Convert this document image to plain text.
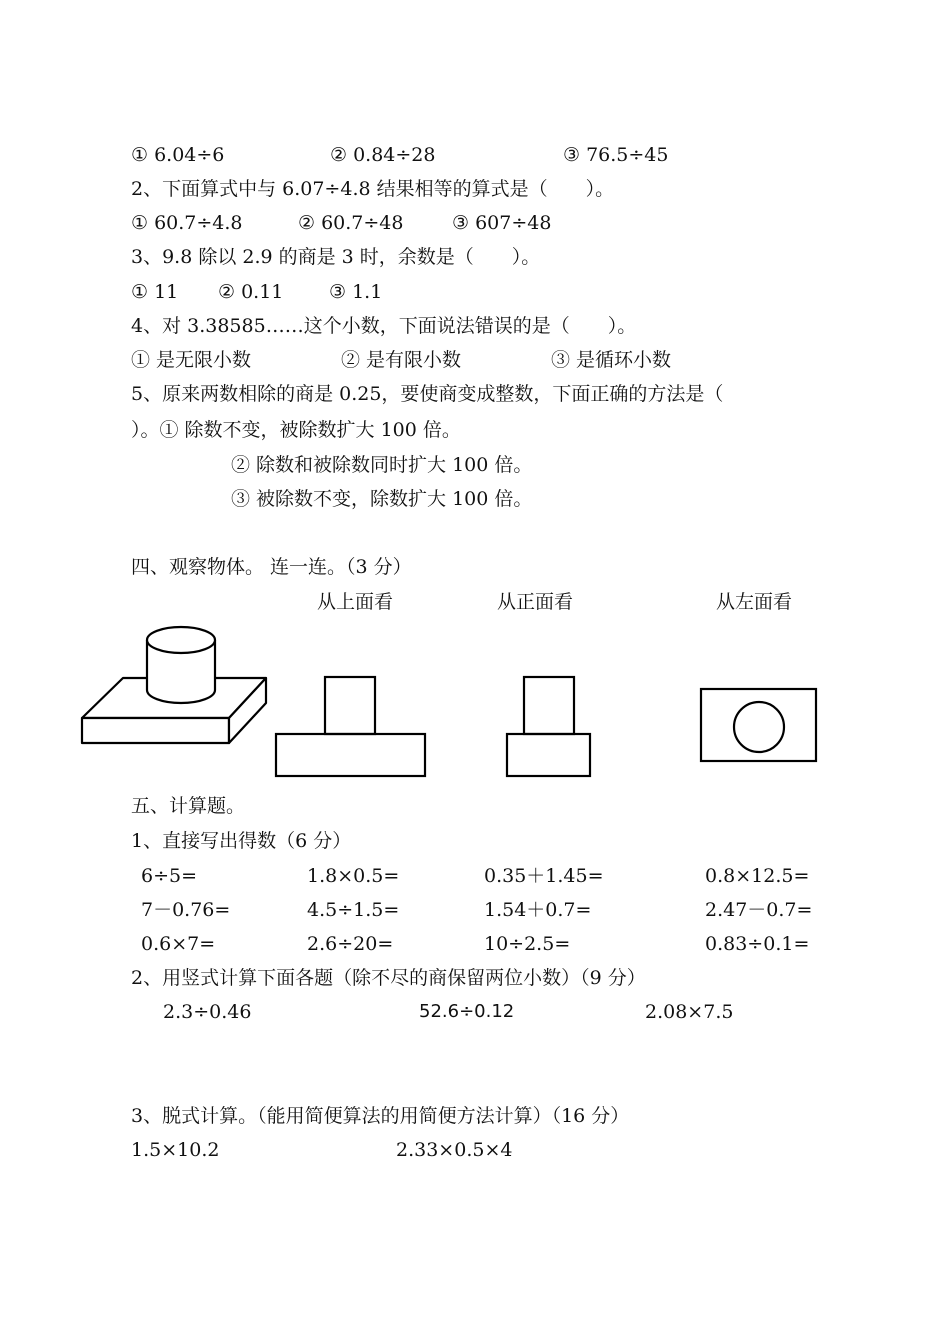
① 6.04÷6	② 0.84÷28	③ 76.5÷45
2、下面算式中与 6.07÷4.8 结果相等的算式是（　　）。
① 60.7÷4.8	② 60.7÷48	③ 607÷48
3、9.8 除以 2.9 的商是 3 时，余数是（　　）。
① 11 ② 0.11 ③ 1.1
4、对 3.38585……这个小数，下面说法错误的是（　　）。
① 是无限小数	② 是有限小数	③ 是循环小数
5、原来两数相除的商是 0.25，要使商变成整数，下面正确的方法是（
）。① 除数不变，被除数扩大 100 倍。
② 除数和被除数同时扩大 100 倍。
③ 被除数不变，除数扩大 100 倍。
四、观察物体。 连一连。（3 分）
从上面看	从正面看	从左面看
五、计算题。
1、直接写出得数（6 分）
6÷5=	1.8×0.5=	0.35＋1.45=	0.8×12.5=
7－0.76=	4.5÷1.5=	1.54＋0.7=	2.47－0.7=
0.6×7=	2.6÷20=	10÷2.5=	0.83÷0.1=
2、用竖式计算下面各题（除不尽的商保留两位小数）（9 分）
2.3÷0.46	52.6÷0.12	2.08×7.5
3、脱式计算。（能用简便算法的用简便方法计算）（16 分）
1.5×10.2	2.33×0.5×4
